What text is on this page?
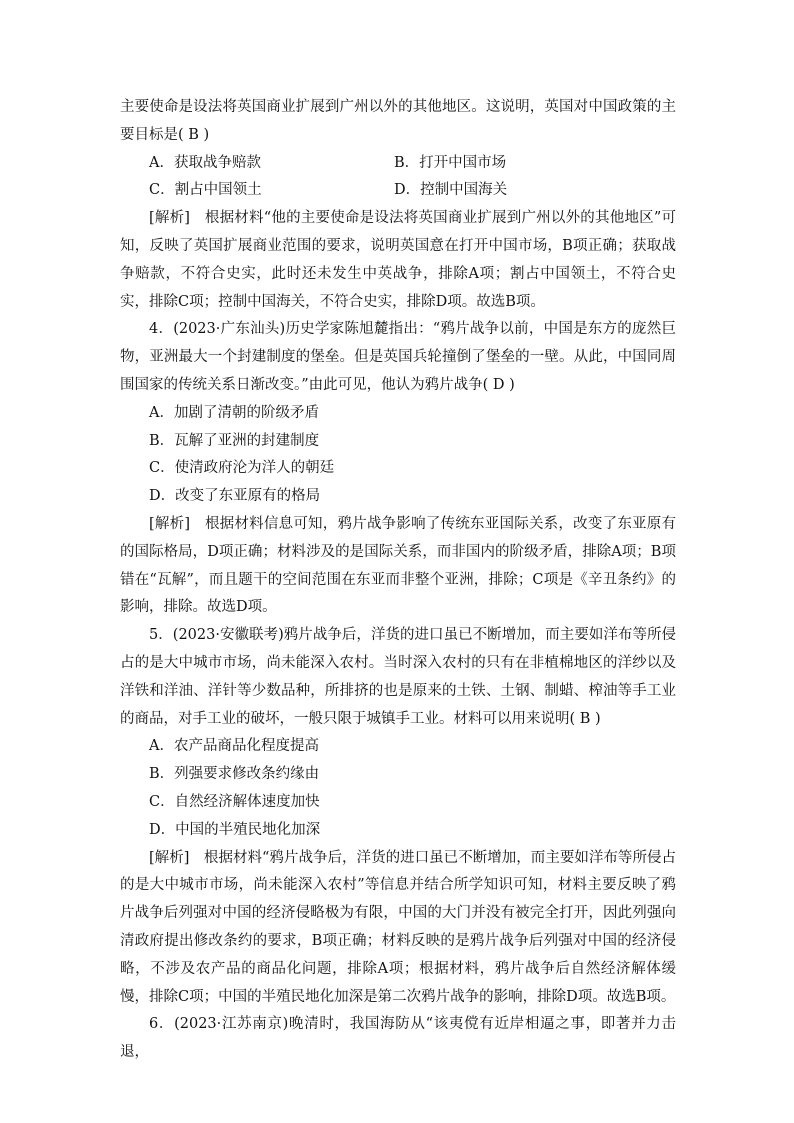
主要使命是设法将英国商业扩展到广州以外的其他地区。这说明，英国对中国政策的主要目标是( B )

A．获取战争赔款	B．打开中国市场
C．割占中国领土	D．控制中国海关

[解析]　根据材料“他的主要使命是设法将英国商业扩展到广州以外的其他地区”可知，反映了英国扩展商业范围的要求，说明英国意在打开中国市场，B项正确；获取战争赔款，不符合史实，此时还未发生中英战争，排除A项；割占中国领土，不符合史实，排除C项；控制中国海关，不符合史实，排除D项。故选B项。

4．(2023·广东汕头)历史学家陈旭麓指出：“鸦片战争以前，中国是东方的庞然巨物，亚洲最大一个封建制度的堡垒。但是英国兵轮撞倒了堡垒的一壁。从此，中国同周围国家的传统关系日渐改变。”由此可见，他认为鸦片战争( D )

A．加剧了清朝的阶级矛盾

B．瓦解了亚洲的封建制度

C．使清政府沦为洋人的朝廷

D．改变了东亚原有的格局

[解析]　根据材料信息可知，鸦片战争影响了传统东亚国际关系，改变了东亚原有的国际格局，D项正确；材料涉及的是国际关系，而非国内的阶级矛盾，排除A项；B项错在“瓦解”，而且题干的空间范围在东亚而非整个亚洲，排除；C项是《辛丑条约》的影响，排除。故选D项。

5．(2023·安徽联考)鸦片战争后，洋货的进口虽已不断增加，而主要如洋布等所侵占的是大中城市市场，尚未能深入农村。当时深入农村的只有在非植棉地区的洋纱以及洋铁和洋油、洋针等少数品种，所排挤的也是原来的土铁、土钢、制蜡、榨油等手工业的商品，对手工业的破坏，一般只限于城镇手工业。材料可以用来说明( B )

A．农产品商品化程度提高

B．列强要求修改条约缘由

C．自然经济解体速度加快

D．中国的半殖民地化加深

[解析]　根据材料“鸦片战争后，洋货的进口虽已不断增加，而主要如洋布等所侵占的是大中城市市场，尚未能深入农村”等信息并结合所学知识可知，材料主要反映了鸦片战争后列强对中国的经济侵略极为有限，中国的大门并没有被完全打开，因此列强向清政府提出修改条约的要求，B项正确；材料反映的是鸦片战争后列强对中国的经济侵略，不涉及农产品的商品化问题，排除A项；根据材料，鸦片战争后自然经济解体缓慢，排除C项；中国的半殖民地化加深是第二次鸦片战争的影响，排除D项。故选B项。

6．(2023·江苏南京)晚清时，我国海防从“该夷傥有近岸相逼之事，即著并力击退，
